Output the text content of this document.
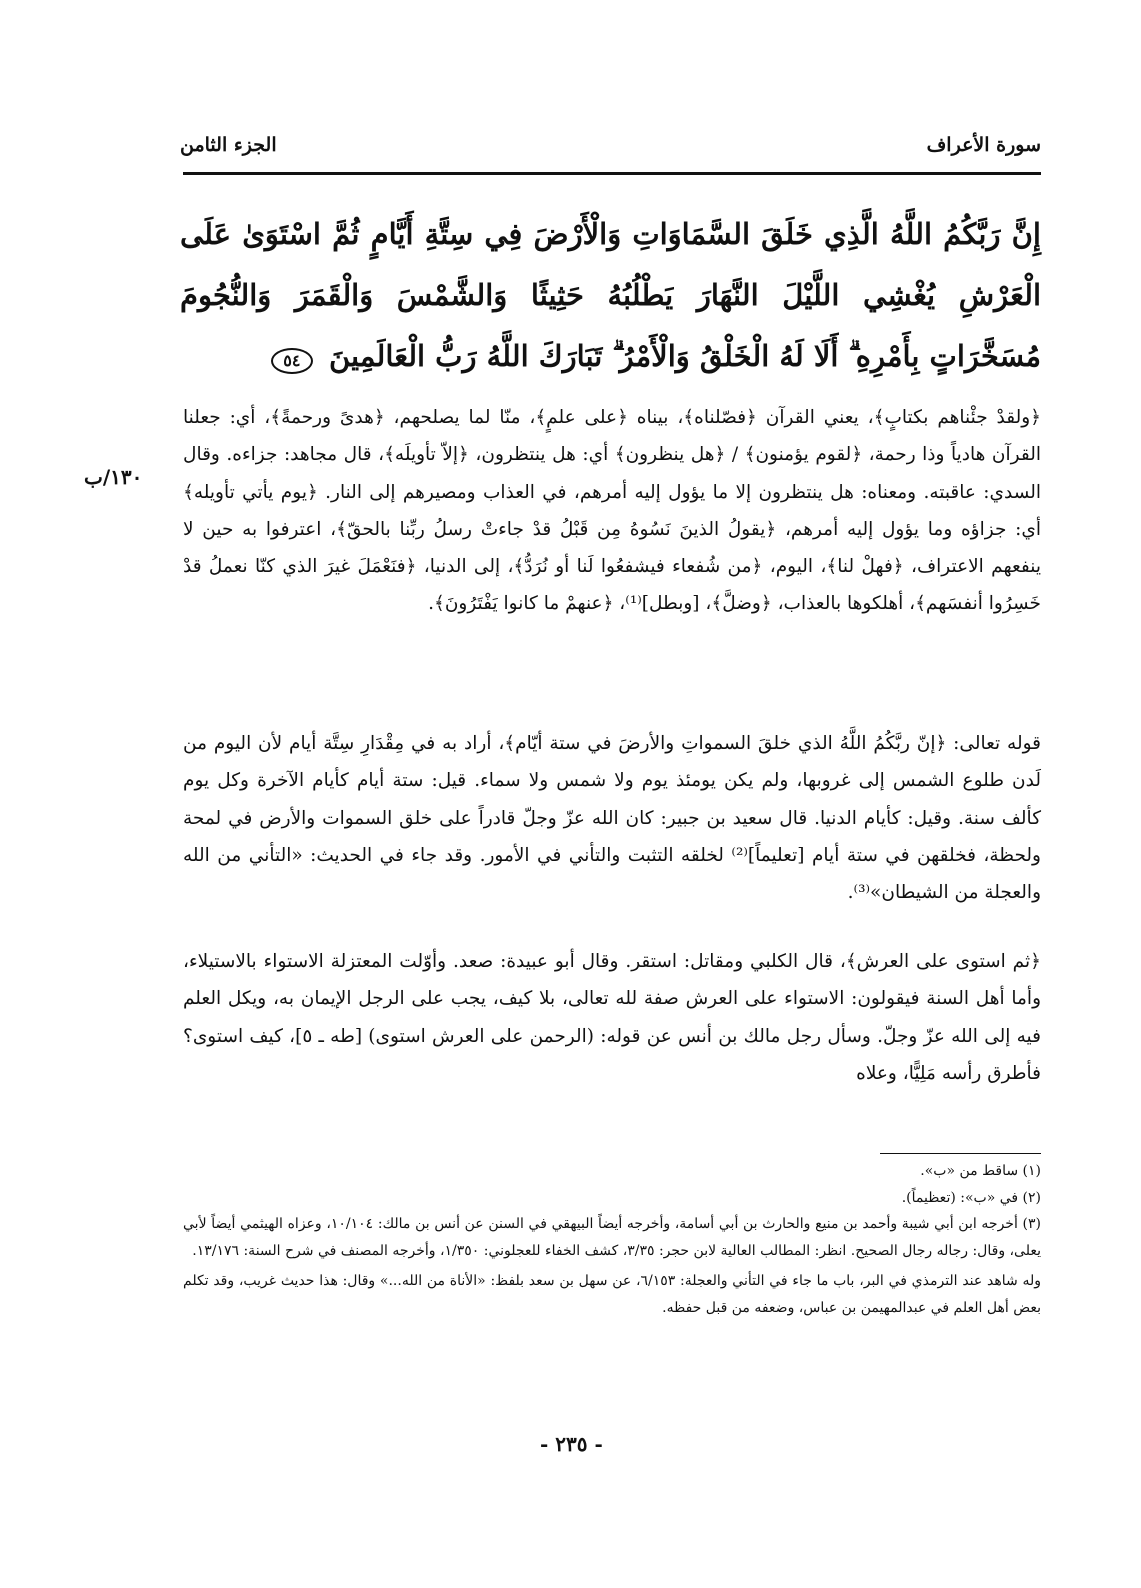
سورة الأعراف
الجزء الثامن
إِنَّ رَبَّكُمُ اللَّهُ الَّذِي خَلَقَ السَّمَاوَاتِ وَالْأَرْضَ فِي سِتَّةِ أَيَّامٍ ثُمَّ اسْتَوَىٰ عَلَى الْعَرْشِ يُغْشِي اللَّيْلَ النَّهَارَ يَطْلُبُهُ حَثِيثًا وَالشَّمْسَ وَالْقَمَرَ وَالنُّجُومَ مُسَخَّرَاتٍ بِأَمْرِهِ ۗ أَلَا لَهُ الْخَلْقُ وَالْأَمْرُ ۗ تَبَارَكَ اللَّهُ رَبُّ الْعَالَمِينَ ٥٤
١٣٠/ب

﴿ولقدْ جئْناهم بكتابٍ﴾، يعني القرآن ﴿فصّلناه﴾، بيناه ﴿على علمٍ﴾، منّا لما يصلحهم، ﴿هدىً ورحمةً﴾، أي: جعلنا القرآن هادياً وذا رحمة، ﴿لقوم يؤمنون﴾ / ﴿هل ينظرون﴾ أي: هل ينتظرون، ﴿إلاّ تأويلَه﴾، قال مجاهد: جزاءه. وقال السدي: عاقبته. ومعناه: هل ينتظرون إلا ما يؤول إليه أمرهم، في العذاب ومصيرهم إلى النار. ﴿يوم يأتي تأويله﴾ أي: جزاؤه وما يؤول إليه أمرهم، ﴿يقولُ الذينَ نَسُوهُ مِن قَبْلُ قدْ جاءتْ رسلُ ربِّنا بالحقّ﴾، اعترفوا به حين لا ينفعهم الاعتراف، ﴿فهلْ لنا﴾، اليوم، ﴿من شُفعاء فيشفعُوا لَنا أو نُرَدُّ﴾، إلى الدنيا، ﴿فنَعْمَلَ غيرَ الذي كنّا نعملُ قدْ خَسِرُوا أنفسَهم﴾، أهلكوها بالعذاب، ﴿وضلَّ﴾، [وبطل]⁽¹⁾، ﴿عنهمْ ما كانوا يَفْتَرُونَ﴾.

قوله تعالى: ﴿إنّ ربَّكُمُ اللَّهُ الذي خلقَ السمواتِ والأرضَ في ستة أيّام﴾، أراد به في مِقْدَارِ سِتَّة أيام لأن اليوم من لَدن طلوع الشمس إلى غروبها، ولم يكن يومئذ يوم ولا شمس ولا سماء. قيل: ستة أيام كأيام الآخرة وكل يوم كألف سنة. وقيل: كأيام الدنيا. قال سعيد بن جبير: كان الله عزّ وجلّ قادراً على خلق السموات والأرض في لمحة ولحظة، فخلقهن في ستة أيام [تعليماً]⁽²⁾ لخلقه التثبت والتأني في الأمور. وقد جاء في الحديث: «التأني من الله والعجلة من الشيطان»⁽³⁾.

﴿ثم استوى على العرش﴾، قال الكلبي ومقاتل: استقر. وقال أبو عبيدة: صعد. وأوّلت المعتزلة الاستواء بالاستيلاء، وأما أهل السنة فيقولون: الاستواء على العرش صفة لله تعالى، بلا كيف، يجب على الرجل الإيمان به، ويكل العلم فيه إلى الله عزّ وجلّ. وسأل رجل مالك بن أنس عن قوله: (الرحمن على العرش استوى) [طه ـ ٥]، كيف استوى؟ فأطرق رأسه مَلِيًّا، وعلاه

(١) ساقط من «ب».
(٢) في «ب»: (تعظيماً).
(٣) أخرجه ابن أبي شيبة وأحمد بن منيع والحارث بن أبي أسامة، وأخرجه أيضاً البيهقي في السنن عن أنس بن مالك: ١٠/١٠٤، وعزاه الهيثمي أيضاً لأبي يعلى، وقال: رجاله رجال الصحيح. انظر: المطالب العالية لابن حجر: ٣/٣٥، كشف الخفاء للعجلوني: ١/٣٥٠، وأخرجه المصنف في شرح السنة: ١٣/١٧٦.
وله شاهد عند الترمذي في البر، باب ما جاء في التأني والعجلة: ٦/١٥٣، عن سهل بن سعد بلفظ: «الأناة من الله...» وقال: هذا حديث غريب، وقد تكلم بعض أهل العلم في عبدالمهيمن بن عباس، وضعفه من قبل حفظه.
- ٢٣٥ -
